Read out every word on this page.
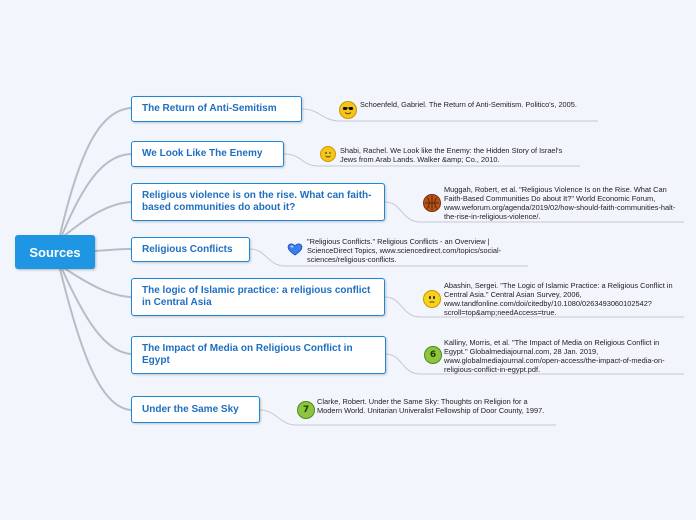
Sources
The Return of Anti-Semitism	Schoenfeld, Gabriel. The Return of Anti-Semitism. Politico's, 2005.
We Look Like The Enemy	Shabi, Rachel. We Look like the Enemy: the Hidden Story of Israel's Jews from Arab Lands. Walker &amp; Co., 2010.
Religious violence is on the rise. What can faith-based communities do about it?
Muggah, Robert, et al. "Religious Violence Is on the Rise. What Can Faith-Based Communities Do about It?" World Economic Forum, www.weforum.org/agenda/2019/02/how-should-faith-communities-halt-the-rise-in-religious-violence/.
Religious Conflicts
"Religious Conflicts." Religious Conflicts - an Overview | ScienceDirect Topics, www.sciencedirect.com/topics/social-sciences/religious-conflicts.
The logic of Islamic practice: a religious conflict in Central Asia
Abashin, Sergei. "The Logic of Islamic Practice: a Religious Conflict in Central Asia." Central Asian Survey, 2006, www.tandfonline.com/doi/citedby/10.1080/0263493060102542?scroll=top&amp;needAccess=true.
The Impact of Media on Religious Conflict in Egypt	6
Kalliny, Morris, et al. "The Impact of Media on Religious Conflict in Egypt." Globalmediajournal.com, 28 Jan. 2019, www.globalmediajournal.com/open-access/the-impact-of-media-on-religious-conflict-in-egypt.pdf.
Under the Same Sky	7
Clarke, Robert. Under the Same Sky: Thoughts on Religion for a Modern World. Unitarian Univeralist Fellowship of Door County, 1997.
